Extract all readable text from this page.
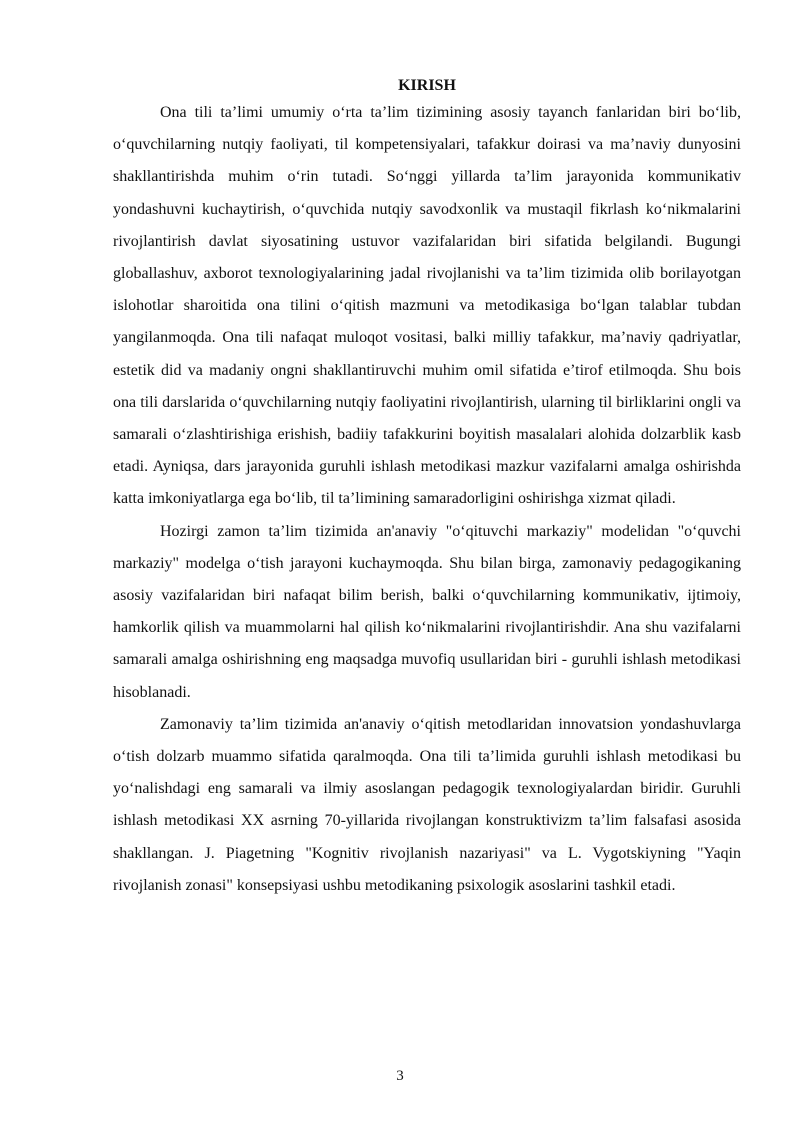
KIRISH

Ona tili ta’limi umumiy o‘rta ta’lim tizimining asosiy tayanch fanlaridan biri bo‘lib, o‘quvchilarning nutqiy faoliyati, til kompetensiyalari, tafakkur doirasi va ma’naviy dunyosini shakllantirishda muhim o‘rin tutadi. So‘nggi yillarda ta’lim jarayonida kommunikativ yondashuvni kuchaytirish, o‘quvchida nutqiy savodxonlik va mustaqil fikrlash ko‘nikmalarini rivojlantirish davlat siyosatining ustuvor vazifalaridan biri sifatida belgilandi. Bugungi globallashuv, axborot texnologiyalarining jadal rivojlanishi va ta’lim tizimida olib borilayotgan islohotlar sharoitida ona tilini o‘qitish mazmuni va metodikasiga bo‘lgan talablar tubdan yangilanmoqda. Ona tili nafaqat muloqot vositasi, balki milliy tafakkur, ma’naviy qadriyatlar, estetik did va madaniy ongni shakllantiruvchi muhim omil sifatida e’tirof etilmoqda. Shu bois ona tili darslarida o‘quvchilarning nutqiy faoliyatini rivojlantirish, ularning til birliklarini ongli va samarali o‘zlashtirishiga erishish, badiiy tafakkurini boyitish masalalari alohida dolzarblik kasb etadi. Ayniqsa, dars jarayonida guruhli ishlash metodikasi mazkur vazifalarni amalga oshirishda katta imkoniyatlarga ega bo‘lib, til ta’limining samaradorligini oshirishga xizmat qiladi.

Hozirgi zamon ta’lim tizimida an'anaviy "o‘qituvchi markaziy" modelidan "o‘quvchi markaziy" modelga o‘tish jarayoni kuchaymoqda. Shu bilan birga, zamonaviy pedagogikaning asosiy vazifalaridan biri nafaqat bilim berish, balki o‘quvchilarning kommunikativ, ijtimoiy, hamkorlik qilish va muammolarni hal qilish ko‘nikmalarini rivojlantirishdir. Ana shu vazifalarni samarali amalga oshirishning eng maqsadga muvofiq usullaridan biri - guruhli ishlash metodikasi hisoblanadi.

Zamonaviy ta’lim tizimida an'anaviy o‘qitish metodlaridan innovatsion yondashuvlarga o‘tish dolzarb muammo sifatida qaralmoqda. Ona tili ta’limida guruhli ishlash metodikasi bu yo‘nalishdagi eng samarali va ilmiy asoslangan pedagogik texnologiyalardan biridir. Guruhli ishlash metodikasi XX asrning 70-yillarida rivojlangan konstruktivizm ta’lim falsafasi asosida shakllangan. J. Piagetning "Kognitiv rivojlanish nazariyasi" va L. Vygotskiyning "Yaqin rivojlanish zonasi" konsepsiyasi ushbu metodikaning psixologik asoslarini tashkil etadi.

3
